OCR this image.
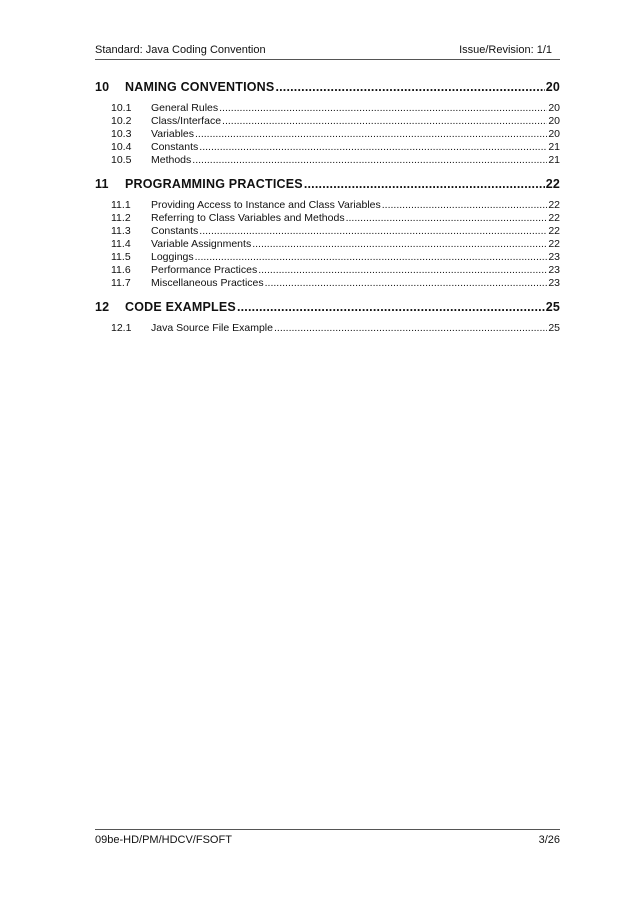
Standard: Java Coding Convention	Issue/Revision: 1/1
10	NAMING CONVENTIONS .....	20
10.1	General Rules .....	20
10.2	Class/Interface .....	20
10.3	Variables .....	20
10.4	Constants .....	21
10.5	Methods .....	21
11	PROGRAMMING PRACTICES .....	22
11.1	Providing Access to Instance and Class Variables .....	22
11.2	Referring to Class Variables and Methods .....	22
11.3	Constants .....	22
11.4	Variable Assignments .....	22
11.5	Loggings .....	23
11.6	Performance Practices .....	23
11.7	Miscellaneous Practices .....	23
12	CODE EXAMPLES .....	25
12.1	Java Source File Example .....	25
09be-HD/PM/HDCV/FSOFT	3/26
